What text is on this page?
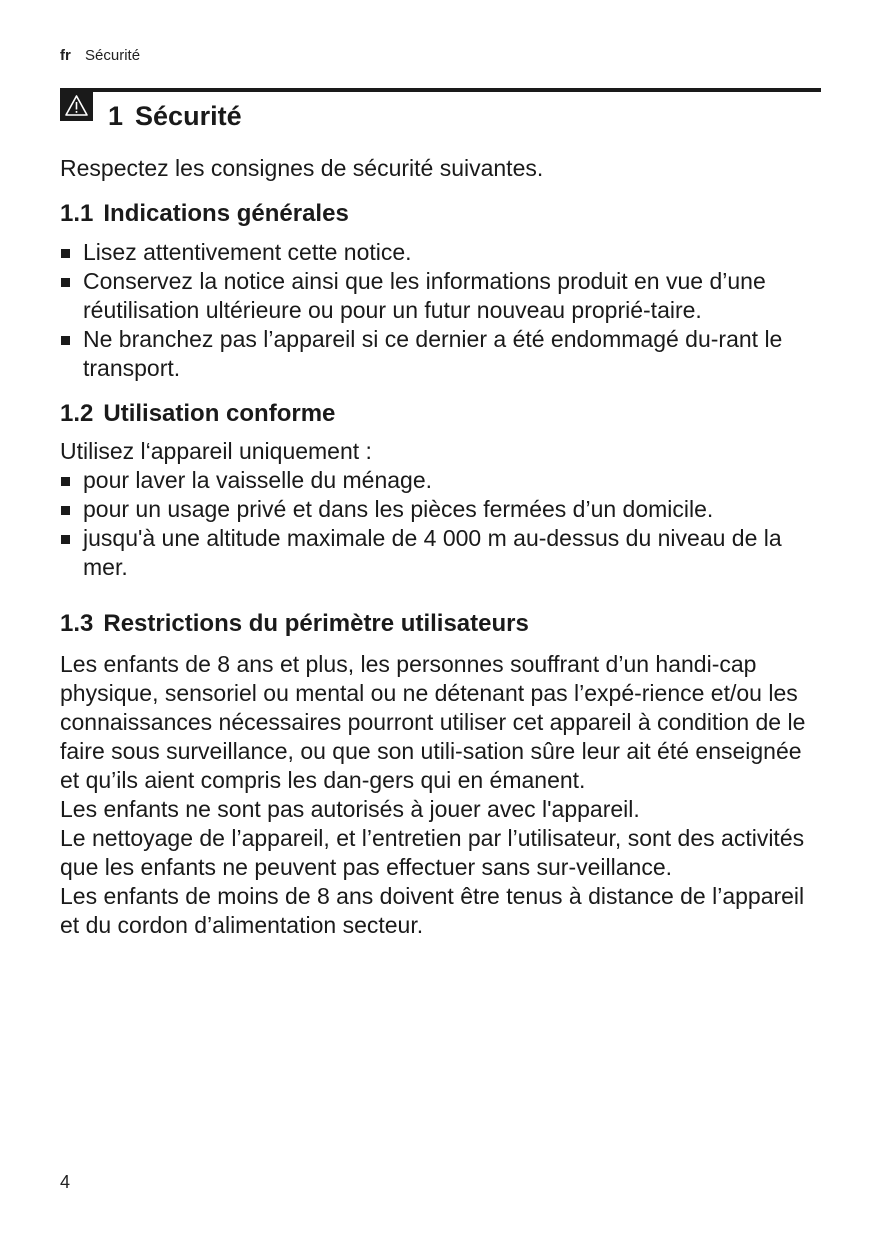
fr Sécurité
1 Sécurité

Respectez les consignes de sécurité suivantes.

1.1 Indications générales
Lisez attentivement cette notice.
Conservez la notice ainsi que les informations produit en vue d’une réutilisation ultérieure ou pour un futur nouveau proprié-taire.
Ne branchez pas l’appareil si ce dernier a été endommagé du-rant le transport.
1.2 Utilisation conforme

Utilisez l‘appareil uniquement :

pour laver la vaisselle du ménage.
pour un usage privé et dans les pièces fermées d’un domicile.
jusqu'à une altitude maximale de 4 000 m au-dessus du niveau de la mer.
1.3 Restrictions du périmètre utilisateurs

Les enfants de 8 ans et plus, les personnes souffrant d’un handi-cap physique, sensoriel ou mental ou ne détenant pas l’expé-rience et/ou les connaissances nécessaires pourront utiliser cet appareil à condition de le faire sous surveillance, ou que son utili-sation sûre leur ait été enseignée et qu’ils aient compris les dan-gers qui en émanent.

Les enfants ne sont pas autorisés à jouer avec l'appareil.

Le nettoyage de l’appareil, et l’entretien par l’utilisateur, sont des activités que les enfants ne peuvent pas effectuer sans sur-veillance.

Les enfants de moins de 8 ans doivent être tenus à distance de l’appareil et du cordon d’alimentation secteur.

4
